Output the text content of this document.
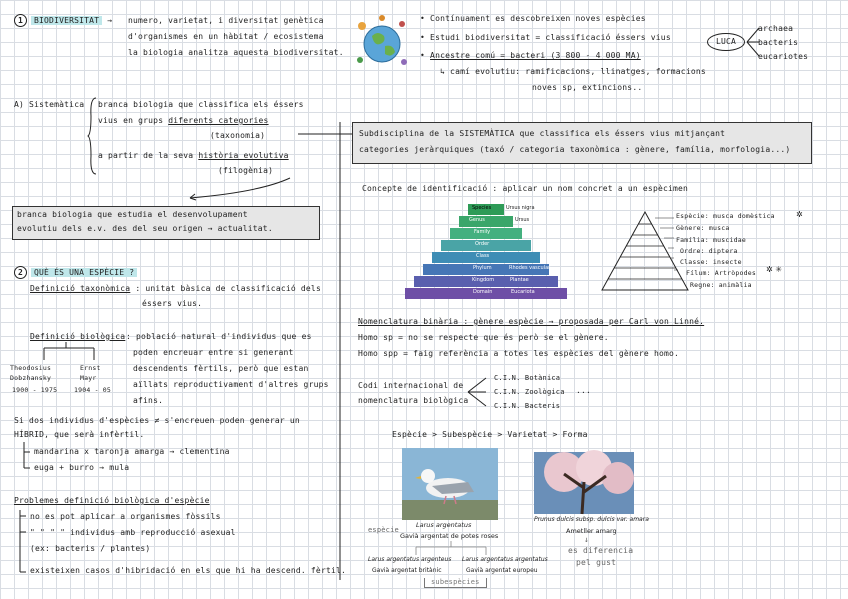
1 BIODIVERSITAT → numero, varietat, i diversitat genètica
d'organismes en un hàbitat / ecosistema
la biologia analitza aquesta biodiversitat.
• Contínuament es descobreixen noves espècies
• Estudi biodiversitat = classificació éssers vius
• Ancestre comú = bacteri (3 800 - 4 000 MA)
↳ camí evolutiu: ramificacions, llinatges, formacions
noves sp, extincions..
LUCA
archaea
bacteris
eucariotes
A) Sistemàtica branca biologia que classifica els éssers
vius en grups diferents categories
(taxonomia)
a partir de la seva història evolutiva
(filogènia)
branca biologia que estudia el desenvolupament
evolutiu dels e.v. des del seu origen → actualitat.
Subdisciplina de la SISTEMÀTICA que classifica els éssers vius mitjançant
categories jeràrquiques (taxó / categoria taxonòmica : gènere, família, morfologia...)
Concepte de identificació : aplicar un nom concret a un espècimen
Species	Ursus nigra
Genus	Ursus
Family
Order
Class
Phylum	Rhodes vascular
Kingdom	Plantae
Domain	Eucariota
Espècie: musca domèstica
Gènere: musca
Família: muscidae
Ordre: diptera
Classe: insecte
Fílum: Artròpodes
Regne: animàlia
✲
✲ ✳
Nomenclatura binària : gènere espècie → proposada per Carl von Linné.
Homo sp = no se respecte que és però se el gènere.
Homo spp = faig referència a totes les espècies del gènere homo.
Codi internacional de
nomenclatura biològica
C.I.N. Botànica
C.I.N. Zoològica
C.I.N. Bacteris
...
Espècie > Subespècie > Varietat > Forma
espècie
Larus argentatus
Gavià argentat de potes roses
Larus argentatus argenteus
Gavià argentat britànic
Larus argentatus argentatus
Gavià argentat europeu
subespècies
Prunus dulcis subsp. dulcis var. amara
Ametller amarg
↓
es diferencia
pel gust
2 QUÈ ÉS UNA ESPÈCIE ?
Definició taxonòmica : unitat bàsica de classificació dels
éssers vius.
Definició biològica : població natural d'individus que es
poden encreuar entre si generant
descendents fèrtils, però que estan
aïllats reproductivament d'altres grups
afins.
Theodosius
Dobzhansky
1900 - 1975
Ernst
Mayr
1904 - 05
Si dos individus d'espècies ≠ s'encreuen poden generar un
HÍBRID, que serà infèrtil.
mandarina x taronja amarga → clementina
euga + burro → mula
Problemes definició biològica d'espècie
no es pot aplicar a organismes fòssils
" " " " individus amb reproducció asexual
(ex: bacteris / plantes)
existeixen casos d'hibridació en els que hi ha descend. fèrtil.
